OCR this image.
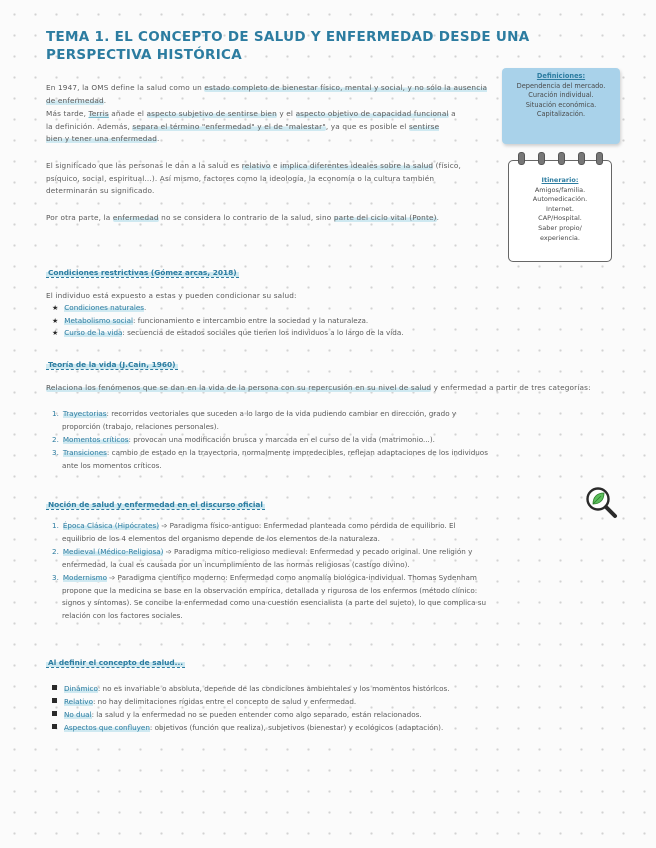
TEMA 1. EL CONCEPTO DE SALUD Y ENFERMEDAD DESDE UNA PERSPECTIVA HISTÓRICA
En 1947, la OMS define la salud como un estado completo de bienestar físico, mental y social, y no sólo la ausencia de enfermedad.
Más tarde, Terris añade el aspecto subjetivo de sentirse bien y el aspecto objetivo de capacidad funcional a la definición. Además, separa el término "enfermedad" y el de "malestar", ya que es posible el sentirse bien y tener una enfermedad.
El significado que las personas le dan a la salud es relativo e implica diferentes ideales sobre la salud (físico, psíquico, social, espiritual...). Así mismo, factores como la ideología, la economía o la cultura también determinarán su significado.
Por otra parte, la enfermedad no se considera lo contrario de la salud, sino parte del ciclo vital (Ponte).
Definiciones:
Dependencia del mercado.
Curación individual.
Situación económica.
Capitalización.
Itinerario:
Amigos/familia.
Automedicación.
Internet.
CAP/Hospital.
Saber propio/
experiencia.
Condiciones restrictivas (Gómez arcas, 2018)
El individuo está expuesto a estas y pueden condicionar su salud:
★ Condiciones naturales.
★ Metabolismo social: funcionamiento e intercambio entre la sociedad y la naturaleza.
★ Curso de la vida: secuencia de estados sociales que tienen los individuos a lo largo de la vida.
Teoría de la vida (J.Cain, 1960)
Relaciona los fenómenos que se dan en la vida de la persona con su repercusión en su nivel de salud y enfermedad a partir de tres categorías:
1. Trayectorias: recorridos vectoriales que suceden a lo largo de la vida pudiendo cambiar en dirección, grado y
proporción (trabajo, relaciones personales).
2. Momentos críticos: provocan una modificación brusca y marcada en el curso de la vida (matrimonio...).
3. Transiciones: cambio de estado en la trayectoria, normalmente impredecibles, reflejan adaptaciones de los individuos
ante los momentos críticos.
Noción de salud y enfermedad en el discurso oficial
1. Época Clásica (Hipócrates) ➩ Paradigma físico-antiguo: Enfermedad planteada como pérdida de equilibrio. El
equilibrio de los 4 elementos del organismo depende de los elementos de la naturaleza.
2. Medieval (Médico-Religiosa) ➩ Paradigma mítico-religioso medieval: Enfermedad y pecado original. Une religión y
enfermedad, la cual es causada por un incumplimiento de las normas religiosas (castigo divino).
3. Modernismo ➩ Paradigma científico moderno: Enfermedad como anomalía biológica-individual. Thomas Sydenham
propone que la medicina se base en la observación empírica, detallada y rigurosa de los enfermos (método clínico:
signos y síntomas). Se concibe la enfermedad como una cuestión esencialista (a parte del sujeto), lo que complica su
relación con los factores sociales.
Al definir el concepto de salud...
Dinámico: no es invariable o absoluta, depende de las condiciones ambientales y los momentos históricos.
Relativo: no hay delimitaciones rígidas entre el concepto de salud y enfermedad.
No dual: la salud y la enfermedad no se pueden entender como algo separado, están relacionados.
Aspectos que confluyen: objetivos (función que realiza), subjetivos (bienestar) y ecológicos (adaptación).
